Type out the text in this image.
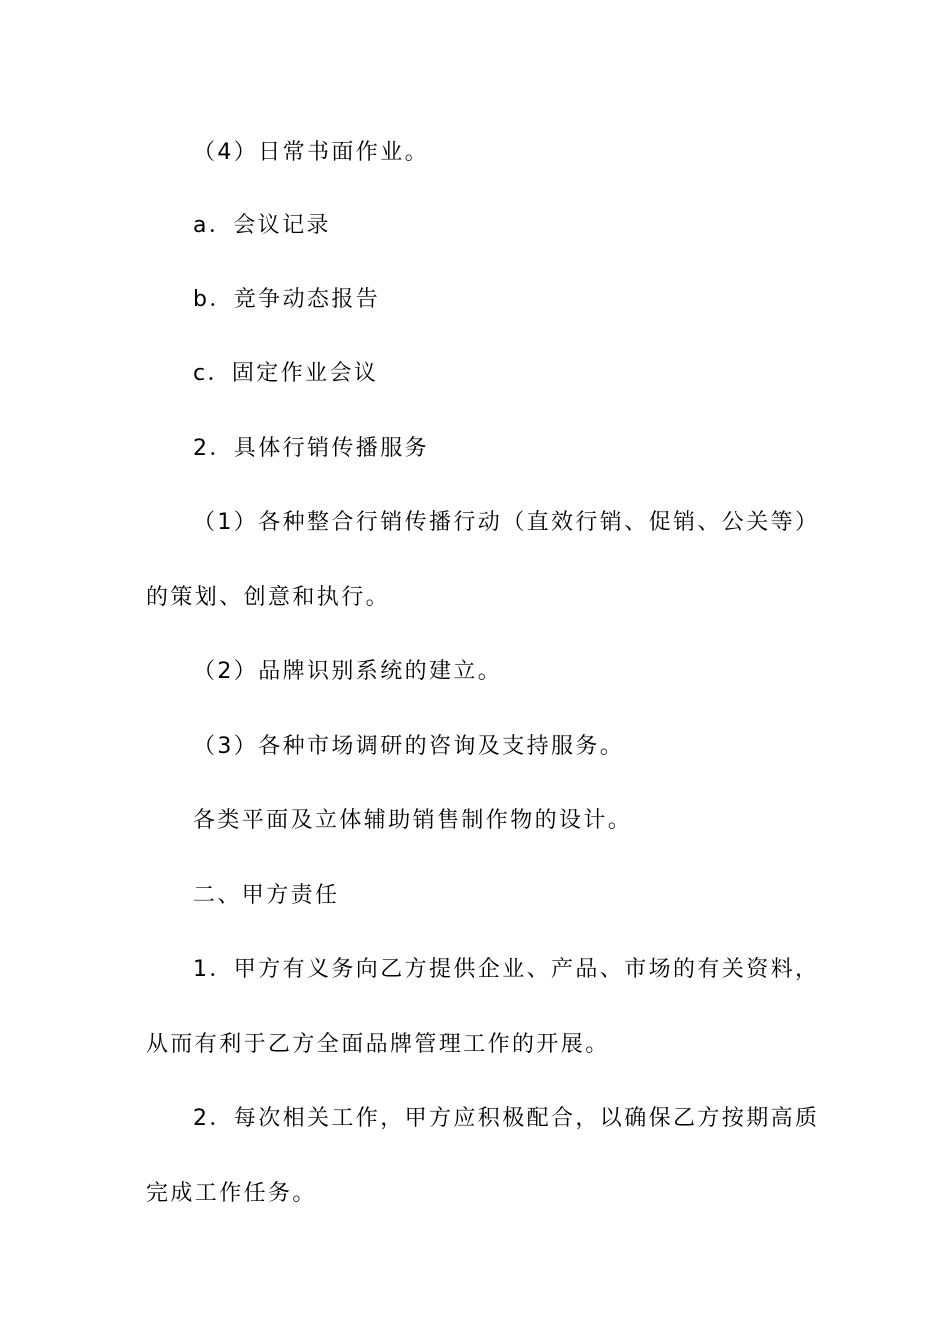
（4）日常书面作业。
a．会议记录
b．竞争动态报告
c．固定作业会议
2．具体行销传播服务
（1）各种整合行销传播行动（直效行销、促销、公关等）
的策划、创意和执行。
（2）品牌识别系统的建立。
（3）各种市场调研的咨询及支持服务。
各类平面及立体辅助销售制作物的设计。
二、甲方责任
1．甲方有义务向乙方提供企业、产品、市场的有关资料，
从而有利于乙方全面品牌管理工作的开展。
2．每次相关工作，甲方应积极配合，以确保乙方按期高质
完成工作任务。
